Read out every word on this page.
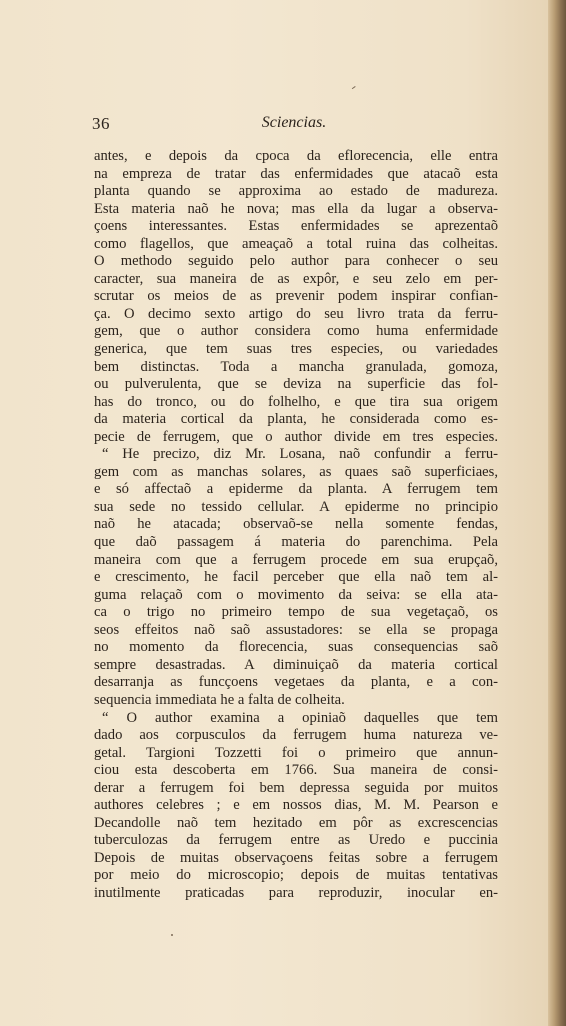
36	Sciencias.
antes, e depois da cpoca da eflorecencia, elle entra
na empreza de tratar das enfermidades que atacaõ esta
planta quando se approxima ao estado de madureza.
Esta materia naõ he nova; mas ella da lugar a observa-
çoens interessantes. Estas enfermidades se aprezentaõ
como flagellos, que ameaçaõ a total ruina das colheitas.
O methodo seguido pelo author para conhecer o seu
caracter, sua maneira de as expôr, e seu zelo em per-
scrutar os meios de as prevenir podem inspirar confian-
ça. O decimo sexto artigo do seu livro trata da ferru-
gem, que o author considera como huma enfermidade
generica, que tem suas tres especies, ou variedades
bem distinctas. Toda a mancha granulada, gomoza,
ou pulverulenta, que se deviza na superficie das fol-
has do tronco, ou do folhelho, e que tira sua origem
da materia cortical da planta, he considerada como es-
pecie de ferrugem, que o author divide em tres especies.
“ He precizo, diz Mr. Losana, naõ confundir a ferru-
gem com as manchas solares, as quaes saõ superficiaes,
e só affectaõ a epiderme da planta. A ferrugem tem
sua sede no tessido cellular. A epiderme no principio
naõ he atacada; observaõ-se nella somente fendas,
que daõ passagem á materia do parenchima. Pela
maneira com que a ferrugem procede em sua erupçaõ,
e crescimento, he facil perceber que ella naõ tem al-
guma relaçaõ com o movimento da seiva: se ella ata-
ca o trigo no primeiro tempo de sua vegetaçaõ, os
seos effeitos naõ saõ assustadores: se ella se propaga
no momento da florecencia, suas consequencias saõ
sempre desastradas. A diminuiçaõ da materia cortical
desarranja as funcçoens vegetaes da planta, e a con-
sequencia immediata he a falta de colheita.
“ O author examina a opiniaõ daquelles que tem
dado aos corpusculos da ferrugem huma natureza ve-
getal. Targioni Tozzetti foi o primeiro que annun-
ciou esta descoberta em 1766. Sua maneira de consi-
derar a ferrugem foi bem depressa seguida por muitos
authores celebres ; e em nossos dias, M. M. Pearson e
Decandolle naõ tem hezitado em pôr as excrescencias
tuberculozas da ferrugem entre as Uredo e puccinia
Depois de muitas observaçoens feitas sobre a ferrugem
por meio do microscopio; depois de muitas tentativas
inutilmente praticadas para reproduzir, inocular en-
